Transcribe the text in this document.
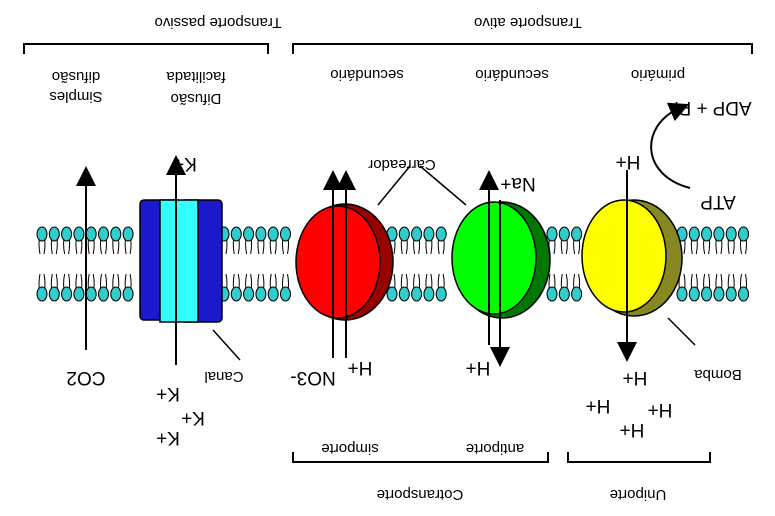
Transporte passivo	Transporte ativo
difusão
Simples
facilitada
Difusão
secundário	secundário	primário
Carreador
ADP + Pi
ATP
Canal	Bomba
simporte	antiporte
Cotransporte	Uniporte
CO2
K+
K+
K+
K+
NO3- H+
Na+
H+
H+
H+
H+ H+
H+
